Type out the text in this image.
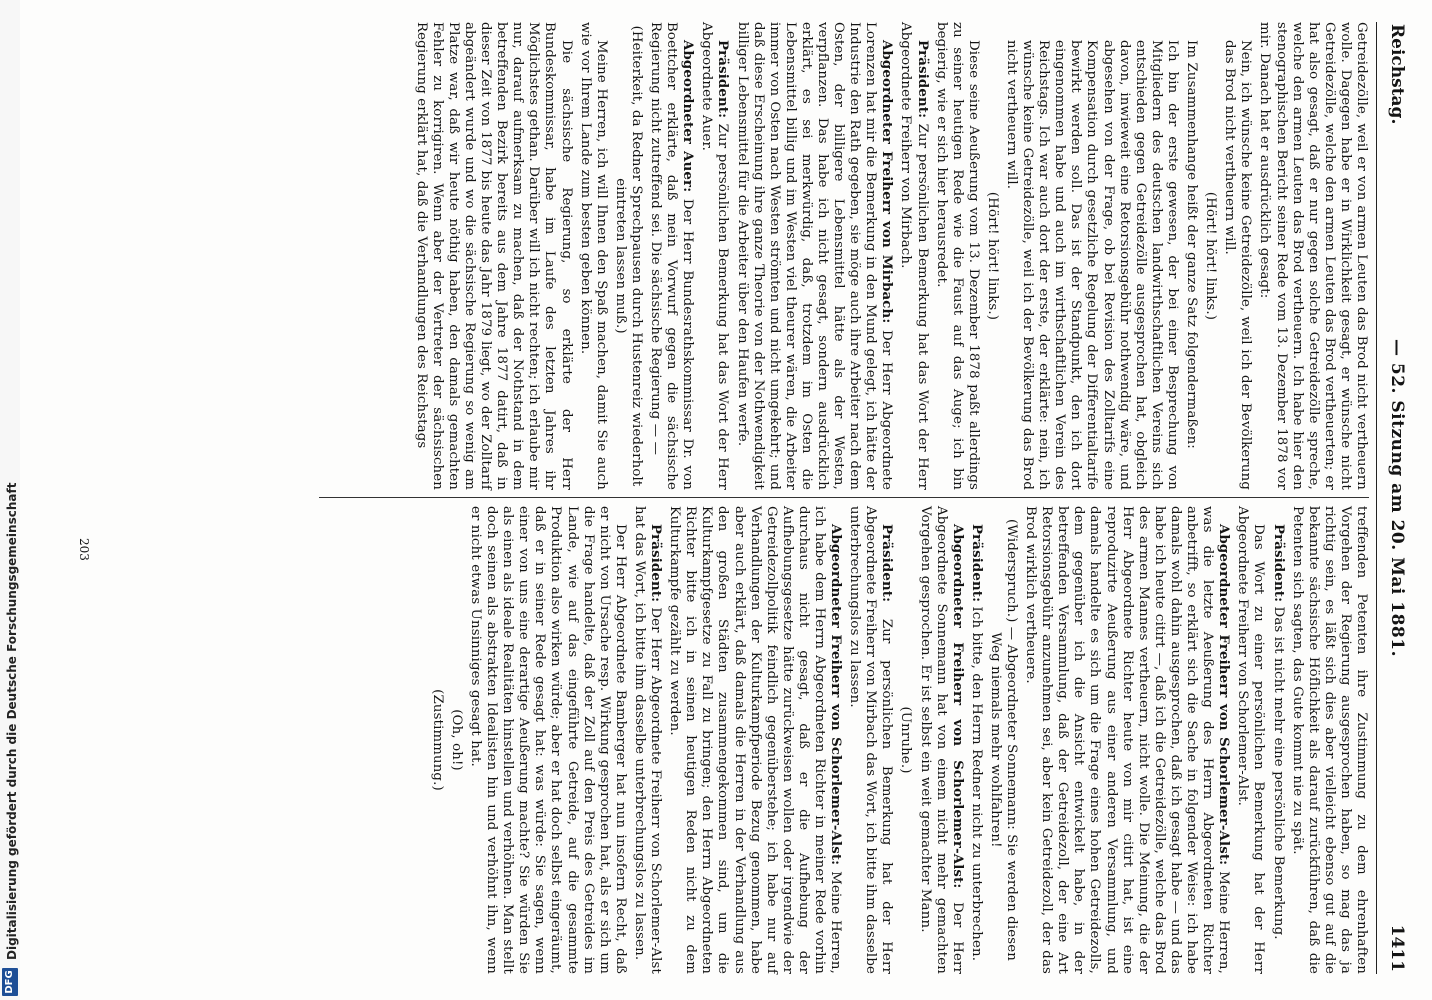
Digitalisierung gefördert durch die Deutsche Forschungsgemeinschaft
DFG
Reichstag.
— 52. Sitzung am 20. Mai 1881.
1411

Getreidezölle, weil er von armen Leuten das Brod nicht vertheuern wolle. Dagegen habe er in Wirklichkeit gesagt, er wünsche nicht Getreidezölle, welche den armen Leuten das Brod vertheuerten; er hat also gesagt, daß er nur gegen solche Getreidezölle spreche, welche den armen Leuten das Brod vertheuern. Ich habe hier den stenographischen Bericht seiner Rede vom 13. Dezember 1878 vor mir. Danach hat er ausdrücklich gesagt:

Nein, ich wünsche keine Getreidezölle, weil ich der Bevölkerung das Brod nicht vertheuern will.

(Hört! hört! links.)

Im Zusammenhange heißt der ganze Satz folgendermaßen:

Ich bin der erste gewesen, der bei einer Besprechung von Mitgliedern des deutschen landwirthschaftlichen Vereins sich entschieden gegen Getreidezölle ausgesprochen hat, obgleich davon, inwieweit eine Retorsionsgebühr nothwendig wäre, und abgesehen von der Frage, ob bei Revision des Zolltarifs eine Kompensation durch gesetzliche Regelung der Differentialtarife bewirkt werden soll. Das ist der Standpunkt, den ich dort eingenommen habe und auch im wirthschaftlichen Verein des Reichstags. Ich war auch dort der erste, der erklärte: nein, ich wünsche keine Getreidezölle, weil ich der Bevölkerung das Brod nicht vertheuern will.

(Hört! hört! links.)

Diese seine Aeußerung vom 13. Dezember 1878 paßt allerdings zu seiner heutigen Rede wie die Faust auf das Auge; ich bin begierig, wie er sich hier herausredet.

Präsident: Zur persönlichen Bemerkung hat das Wort der Herr Abgeordnete Freiherr von Mirbach.

Abgeordneter Freiherr von Mirbach: Der Herr Abgeordnete Lorenzen hat mir die Bemerkung in den Mund gelegt, ich hätte der Industrie den Rath gegeben, sie möge auch ihre Arbeiter nach dem Osten, der billigere Lebensmittel hätte als der Westen, verpflanzen. Das habe ich nicht gesagt, sondern ausdrücklich erklärt, es sei merkwürdig, daß, trotzdem im Osten die Lebensmittel billig und im Westen viel theurer wären, die Arbeiter immer von Osten nach Westen strömten und nicht umgekehrt; und daß diese Erscheinung ihre ganze Theorie von der Nothwendigkeit billiger Lebensmittel für die Arbeiter über den Haufen werfe.

Präsident: Zur persönlichen Bemerkung hat das Wort der Herr Abgeordnete Auer.

Abgeordneter Auer: Der Herr Bundesrathskommissar Dr. von Boettcher erklärte, daß mein Vorwurf gegen die sächsische Regierung nicht zutreffend sei. Die sächsische Regierung — —

(Heiterkeit, da Redner Sprechpausen durch Hustenreiz wiederholt eintreten lassen muß.)

Meine Herren, ich will Ihnen den Spaß machen, damit Sie auch wie vor Ihrem Lande zum besten geben können.

Die sächsische Regierung, so erklärte der Herr Bundeskommissar, habe im Laufe des letzten Jahres ihr Möglichstes gethan. Darüber will ich nicht rechten; ich erlaube mir nur, darauf aufmerksam zu machen, daß der Nothstand in dem betreffenden Bezirk bereits aus dem Jahre 1877 datirt, daß in dieser Zeit von 1877 bis heute das Jahr 1879 liegt, wo der Zolltarif abgeändert wurde und wo die sächsische Regierung so wenig am Platze war, daß wir heute nöthig haben, den damals gemachten Fehler zu korrigiren. Wenn aber der Vertreter der sächsischen Regierung erklärt hat, daß die Verhandlungen des Reichstags

treffenden Petenten ihre Zustimmung zu dem ehrenhaften Vorgehen der Regierung ausgesprochen haben, so mag das ja richtig sein, es läßt sich dies aber vielleicht ebenso gut auf die bekannte sächsische Höflichkeit als darauf zurückführen, daß die Petenten sich sagten, das Gute kommt nie zu spät.

Präsident: Das ist nicht mehr eine persönliche Bemerkung.

Das Wort zu einer persönlichen Bemerkung hat der Herr Abgeordnete Freiherr von Schorlemer-Alst.

Abgeordneter Freiherr von Schorlemer-Alst: Meine Herren, was die letzte Aeußerung des Herrn Abgeordneten Richter anbetrifft, so erklärt sich die Sache in folgender Weise: ich habe damals wohl dahin ausgesprochen, daß ich gesagt habe — und das habe ich heute citirt —, daß ich die Getreidezölle, welche das Brod des armen Mannes vertheuern, nicht wolle. Die Meinung, die der Herr Abgeordnete Richter heute von mir citirt hat, ist eine reproduzirte Aeußerung aus einer anderen Versammlung, und damals handelte es sich um die Frage eines hohen Getreidezolls, dem gegenüber ich die Ansicht entwickelt habe, in der betreffenden Versammlung, daß der Getreidezoll, der eine Art Retorsionsgebühr anzunehmen sei, aber kein Getreidezoll, der das Brod wirklich vertheuere.

(Widerspruch.) — Abgeordneter Sonnemann: Sie werden diesen Weg niemals mehr wohlfahren!

Präsident: Ich bitte, den Herrn Redner nicht zu unterbrechen.

Abgeordneter Freiherr von Schorlemer-Alst: Der Herr Abgeordnete Sonnemann hat von einem nicht mehr gemachten Vorgehen gesprochen. Er ist selbst ein weit gemachter Mann.

(Unruhe.)

Präsident: Zur persönlichen Bemerkung hat der Herr Abgeordnete Freiherr von Mirbach das Wort, ich bitte ihm dasselbe unterbrechungslos zu lassen.

Abgeordneter Freiherr von Schorlemer-Alst: Meine Herren, ich habe dem Herrn Abgeordneten Richter in meiner Rede vorhin durchaus nicht gesagt, daß er die Aufhebung der Aufhebungsgesetze hätte zurückweisen wollen oder irgendwie der Getreidezollpolitik feindlich gegenüberstehe; ich habe nur auf Verhandlungen der Kulturkampfperiode Bezug genommen, habe aber auch erklärt, daß damals die Herren in der Verhandlung aus den großen Städten zusammengekommen sind, um die Kulturkampfgesetze zu Fall zu bringen; den Herrn Abgeordneten Richter bitte ich in seinen heutigen Reden nicht zu dem Kulturkampfe gezählt zu werden.

Präsident: Der Herr Abgeordnete Freiherr von Schorlemer-Alst hat das Wort, ich bitte ihm dasselbe unterbrechungslos zu lassen.

Der Herr Abgeordnete Bamberger hat nun insofern Recht, daß er nicht von Ursache resp. Wirkung gesprochen hat, als er sich um die Frage handelte, daß der Zoll auf den Preis des Getreides im Lande, wie auf das eingeführte Getreide, auf die gesammte Produktion also wirken würde; aber er hat doch selbst eingeräumt, daß er in seiner Rede gesagt hat: was würde: Sie sagen, wenn einer von uns eine derartige Aeußerung machte? Sie würden Sie als einen als ideale Realitäten hinstellen und verhöhnen. Man stellt doch seinen als abstrakten Idealisten hin und verhöhnt ihn, wenn er nicht etwas Unsinniges gesagt hat.

(Oh, oh!)

(Zustimmung.)

203
